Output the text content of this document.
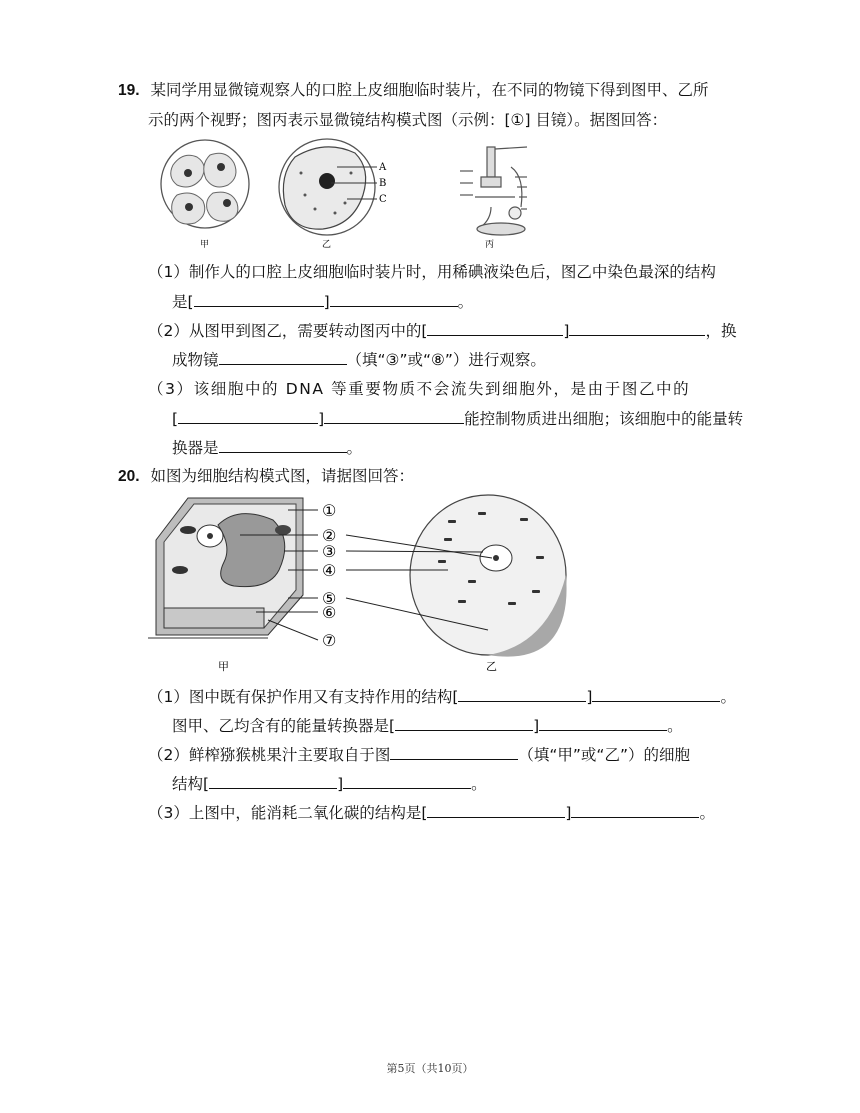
19. 某同学用显微镜观察人的口腔上皮细胞临时装片，在不同的物镜下得到图甲、乙所
示的两个视野；图丙表示显微镜结构模式图（示例：[①] 目镜）。据图回答：
甲
A
B
C
乙	丙
（1）制作人的口腔上皮细胞临时装片时，用稀碘液染色后，图乙中染色最深的结构
是[	]	。
（2）从图甲到图乙，需要转动图丙中的[	]	，换
成物镜	（填“③”或“⑧”）进行观察。
（3）该细胞中的 DNA 等重要物质不会流失到细胞外，是由于图乙中的
[	]	能控制物质进出细胞；该细胞中的能量转
换器是	。
20. 如图为细胞结构模式图，请据图回答：
①
②
③
④
⑤
⑥
⑦
甲	乙
（1）图中既有保护作用又有支持作用的结构[	]	。
图甲、乙均含有的能量转换器是[	]	。
（2）鲜榨猕猴桃果汁主要取自于图	（填“甲”或“乙”）的细胞
结构[	]	。
（3）上图中，能消耗二氧化碳的结构是[	]	。
第5页（共10页）
